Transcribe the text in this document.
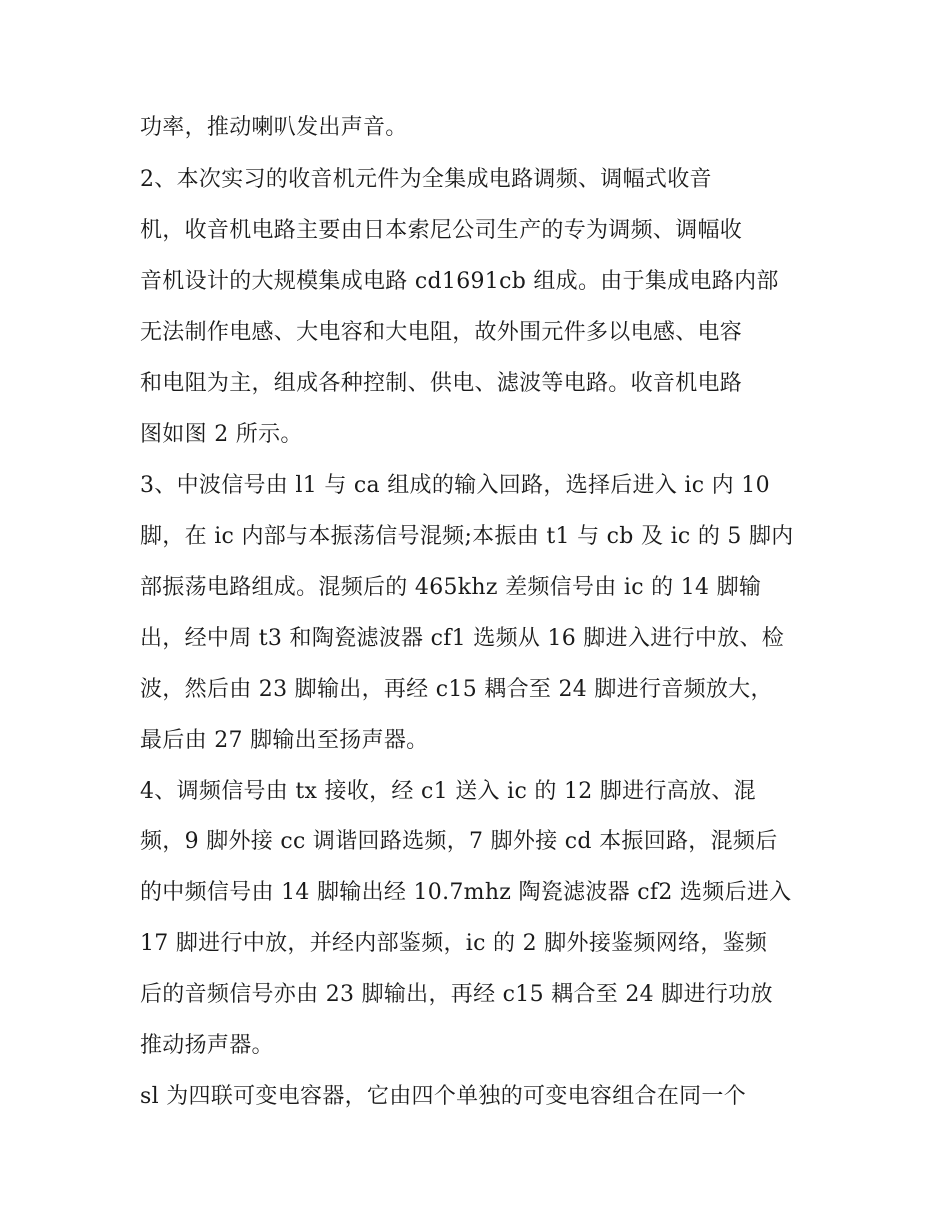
功率，推动喇叭发出声音。
2、本次实习的收音机元件为全集成电路调频、调幅式收音
机，收音机电路主要由日本索尼公司生产的专为调频、调幅收
音机设计的大规模集成电路 cd1691cb 组成。由于集成电路内部
无法制作电感、大电容和大电阻，故外围元件多以电感、电容
和电阻为主，组成各种控制、供电、滤波等电路。收音机电路
图如图 2 所示。
3、中波信号由 l1 与 ca 组成的输入回路，选择后进入 ic 内 10
脚，在 ic 内部与本振荡信号混频;本振由 t1 与 cb 及 ic 的 5 脚内
部振荡电路组成。混频后的 465khz 差频信号由 ic 的 14 脚输
出，经中周 t3 和陶瓷滤波器 cf1 选频从 16 脚进入进行中放、检
波，然后由 23 脚输出，再经 c15 耦合至 24 脚进行音频放大，
最后由 27 脚输出至扬声器。
4、调频信号由 tx 接收，经 c1 送入 ic 的 12 脚进行高放、混
频，9 脚外接 cc 调谐回路选频，7 脚外接 cd 本振回路，混频后
的中频信号由 14 脚输出经 10.7mhz 陶瓷滤波器 cf2 选频后进入
17 脚进行中放，并经内部鉴频，ic 的 2 脚外接鉴频网络，鉴频
后的音频信号亦由 23 脚输出，再经 c15 耦合至 24 脚进行功放
推动扬声器。
sl 为四联可变电容器，它由四个单独的可变电容组合在同一个
